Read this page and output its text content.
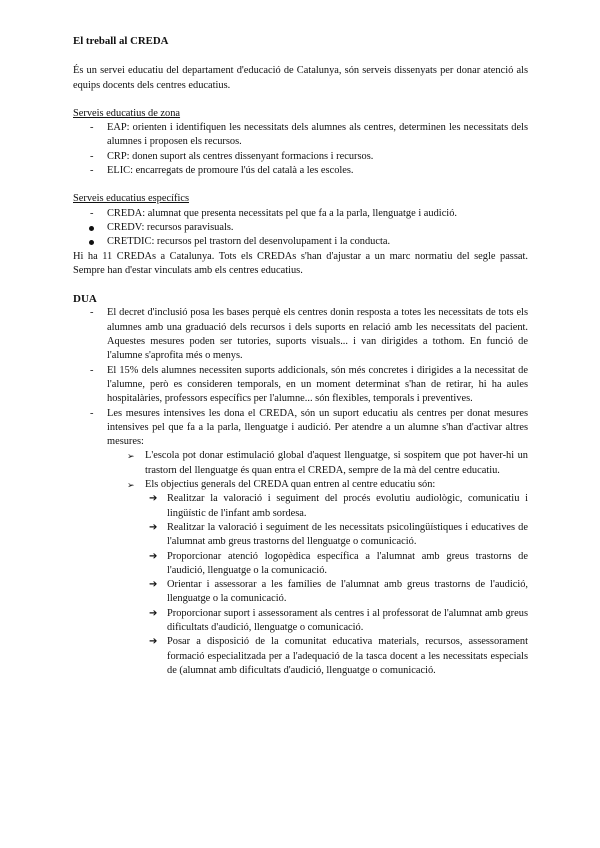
El treball al CREDA

És un servei educatiu del departament d'educació de Catalunya, són serveis dissenyats per donar atenció als equips docents dels centres educatius.

Serveis educatius de zona

- EAP: orienten i identifiquen les necessitats dels alumnes als centres, determinen les necessitats dels alumnes i proposen els recursos.
- CRP: donen suport als centres dissenyant formacions i recursos.
- ELIC: encarregats de promoure l'ús del català a les escoles.

Serveis educatius específics

- CREDA: alumnat que presenta necessitats pel que fa a la parla, llenguatge i audició.
CREDV: recursos paravisuals.
CRETDIC: recursos pel trastorn del desenvolupament i la conducta.

Hi ha 11 CREDAs a Catalunya. Tots els CREDAs s'han d'ajustar a un marc normatiu del segle passat. Sempre han d'estar vinculats amb els centres educatius.

DUA

- El decret d'inclusió posa les bases perquè els centres donin resposta a totes les necessitats de tots els alumnes amb una graduació dels recursos i dels suports en relació amb les necessitats del pacient. Aquestes mesures poden ser tutories, suports visuals... i van dirigides a tothom. En funció de l'alumne s'aprofita més o menys.
- El 15% dels alumnes necessiten suports addicionals, són més concretes i dirigides a la necessitat de l'alumne, però es consideren temporals, en un moment determinat s'han de retirar, hi ha aules hospitalàries, professors específics per l'alumne... són flexibles, temporals i preventives.
- Les mesures intensives les dona el CREDA, són un suport educatiu als centres per donat mesures intensives pel que fa a la parla, llenguatge i audició. Per atendre a un alumne s'han d'activar altres mesures:
➢ L'escola pot donar estimulació global d'aquest llenguatge, si sospitem que pot haver-hi un trastorn del llenguatge és quan entra el CREDA, sempre de la mà del centre educatiu.
➢ Els objectius generals del CREDA quan entren al centre educatiu són:
➔ Realitzar la valoració i seguiment del procés evolutiu audiològic, comunicatiu i lingüístic de l'infant amb sordesa.
➔ Realitzar la valoració i seguiment de les necessitats psicolingüístiques i educatives de l'alumnat amb greus trastorns del llenguatge o comunicació.
➔ Proporcionar atenció logopèdica específica a l'alumnat amb greus trastorns de l'audició, llenguatge o la comunicació.
➔ Orientar i assessorar a les famílies de l'alumnat amb greus trastorns de l'audició, llenguatge o la comunicació.
➔ Proporcionar suport i assessorament als centres i al professorat de l'alumnat amb greus dificultats d'audició, llenguatge o comunicació.
➔ Posar a disposició de la comunitat educativa materials, recursos, assessorament formació especialitzada per a l'adequació de la tasca docent a les necessitats especials de (alumnat amb dificultats d'audició, llenguatge o comunicació.
